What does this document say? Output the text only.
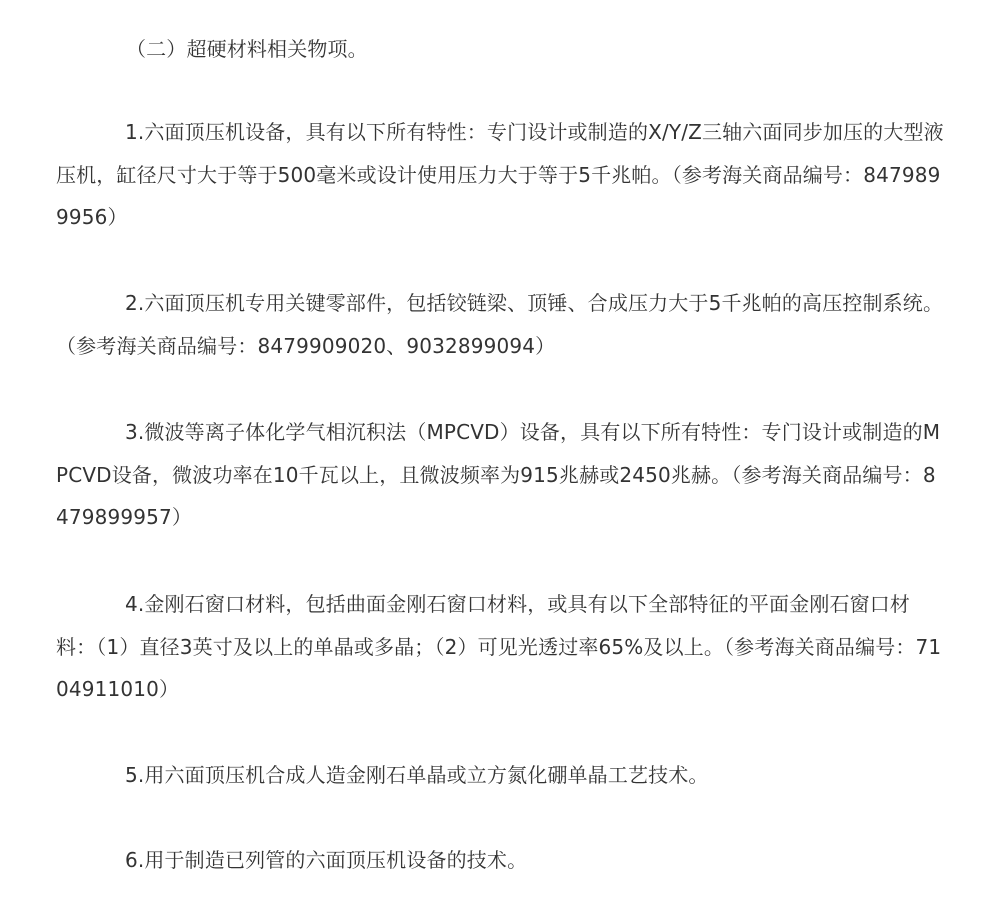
（二）超硬材料相关物项。

1.六面顶压机设备，具有以下所有特性：专门设计或制造的X/Y/Z三轴六面同步加压的大型液压机，缸径尺寸大于等于500毫米或设计使用压力大于等于5千兆帕。（参考海关商品编号：8479899956）

2.六面顶压机专用关键零部件，包括铰链梁、顶锤、合成压力大于5千兆帕的高压控制系统。（参考海关商品编号：8479909020、9032899094）

3.微波等离子体化学气相沉积法（MPCVD）设备，具有以下所有特性：专门设计或制造的MPCVD设备，微波功率在10千瓦以上，且微波频率为915兆赫或2450兆赫。（参考海关商品编号：8479899957）

4.金刚石窗口材料，包括曲面金刚石窗口材料，或具有以下全部特征的平面金刚石窗口材料：（1）直径3英寸及以上的单晶或多晶；（2）可见光透过率65%及以上。（参考海关商品编号：7104911010）

5.用六面顶压机合成人造金刚石单晶或立方氮化硼单晶工艺技术。

6.用于制造已列管的六面顶压机设备的技术。
